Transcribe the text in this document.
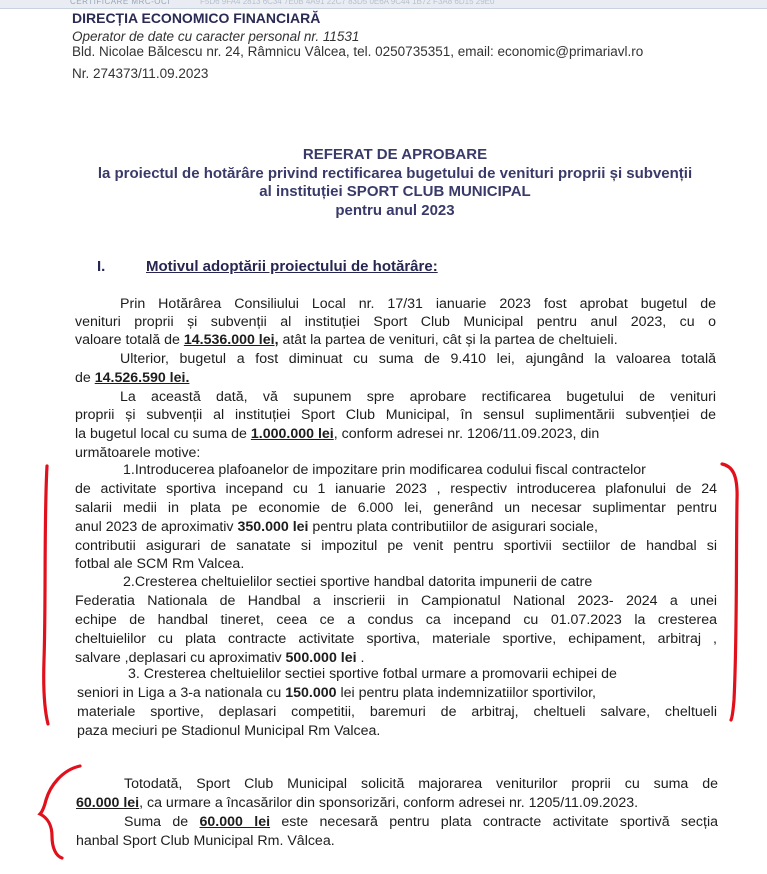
CERTIFICARE MRC-OCI	F5D6 9FA4 2813 6C34 7E0B 4A91 22C7 83D5 0E6A 9C44 1B72 F3A8 6D15 29E0
DIRECȚIA ECONOMICO FINANCIARĂ
Operator de date cu caracter personal nr. 11531
Bld. Nicolae Bălcescu nr. 24, Râmnicu Vâlcea, tel. 0250735351, email: economic@primariavl.ro
Nr. 274373/11.09.2023
REFERAT DE APROBARE
la proiectul de hotărâre privind rectificarea bugetului de venituri proprii și subvenții
al instituției SPORT CLUB MUNICIPAL
pentru anul 2023
I.	Motivul adoptării proiectului de hotărâre:
Prin Hotărârea Consiliului Local nr. 17/31 ianuarie 2023 fost aprobat bugetul de
venituri proprii și subvenții al instituției Sport Club Municipal pentru anul 2023, cu o
valoare totală de 14.536.000 lei, atât la partea de venituri, cât și la partea de cheltuieli.
Ulterior, bugetul a fost diminuat cu suma de 9.410 lei, ajungând la valoarea totală
de 14.526.590 lei.
La această dată, vă supunem spre aprobare rectificarea bugetului de venituri
proprii și subvenții al instituției Sport Club Municipal, în sensul suplimentării subvenției de
la bugetul local cu suma de 1.000.000 lei, conform adresei nr. 1206/11.09.2023, din
următoarele motive:
1.Introducerea plafoanelor de impozitare prin modificarea codului fiscal contractelor
de activitate sportiva incepand cu 1 ianuarie 2023 , respectiv introducerea plafonului de 24
salarii medii in plata pe economie de 6.000 lei, generând un necesar suplimentar pentru
anul 2023 de aproximativ 350.000 lei pentru plata contributiilor de asigurari sociale,
contributii asigurari de sanatate si impozitul pe venit pentru sportivii sectiilor de handbal si
fotbal ale SCM Rm Valcea.
2.Cresterea cheltuielilor sectiei sportive handbal datorita impunerii de catre
Federatia Nationala de Handbal a inscrierii in Campionatul National 2023- 2024 a unei
echipe de handbal tineret, ceea ce a condus ca incepand cu 01.07.2023 la cresterea
cheltuielilor cu plata contracte activitate sportiva, materiale sportive, echipament, arbitraj ,
salvare ,deplasari cu aproximativ 500.000 lei .
3. Cresterea cheltuielilor sectiei sportive fotbal urmare a promovarii echipei de
seniori in Liga a 3-a nationala cu 150.000 lei pentru plata indemnizatiilor sportivilor,
materiale sportive, deplasari competitii, baremuri de arbitraj, cheltueli salvare, cheltueli
paza meciuri pe Stadionul Municipal Rm Valcea.
Totodată, Sport Club Municipal solicită majorarea veniturilor proprii cu suma de
60.000 lei, ca urmare a încasărilor din sponsorizări, conform adresei nr. 1205/11.09.2023.
Suma de 60.000 lei este necesară pentru plata contracte activitate sportivă secția
hanbal Sport Club Municipal Rm. Vâlcea.
